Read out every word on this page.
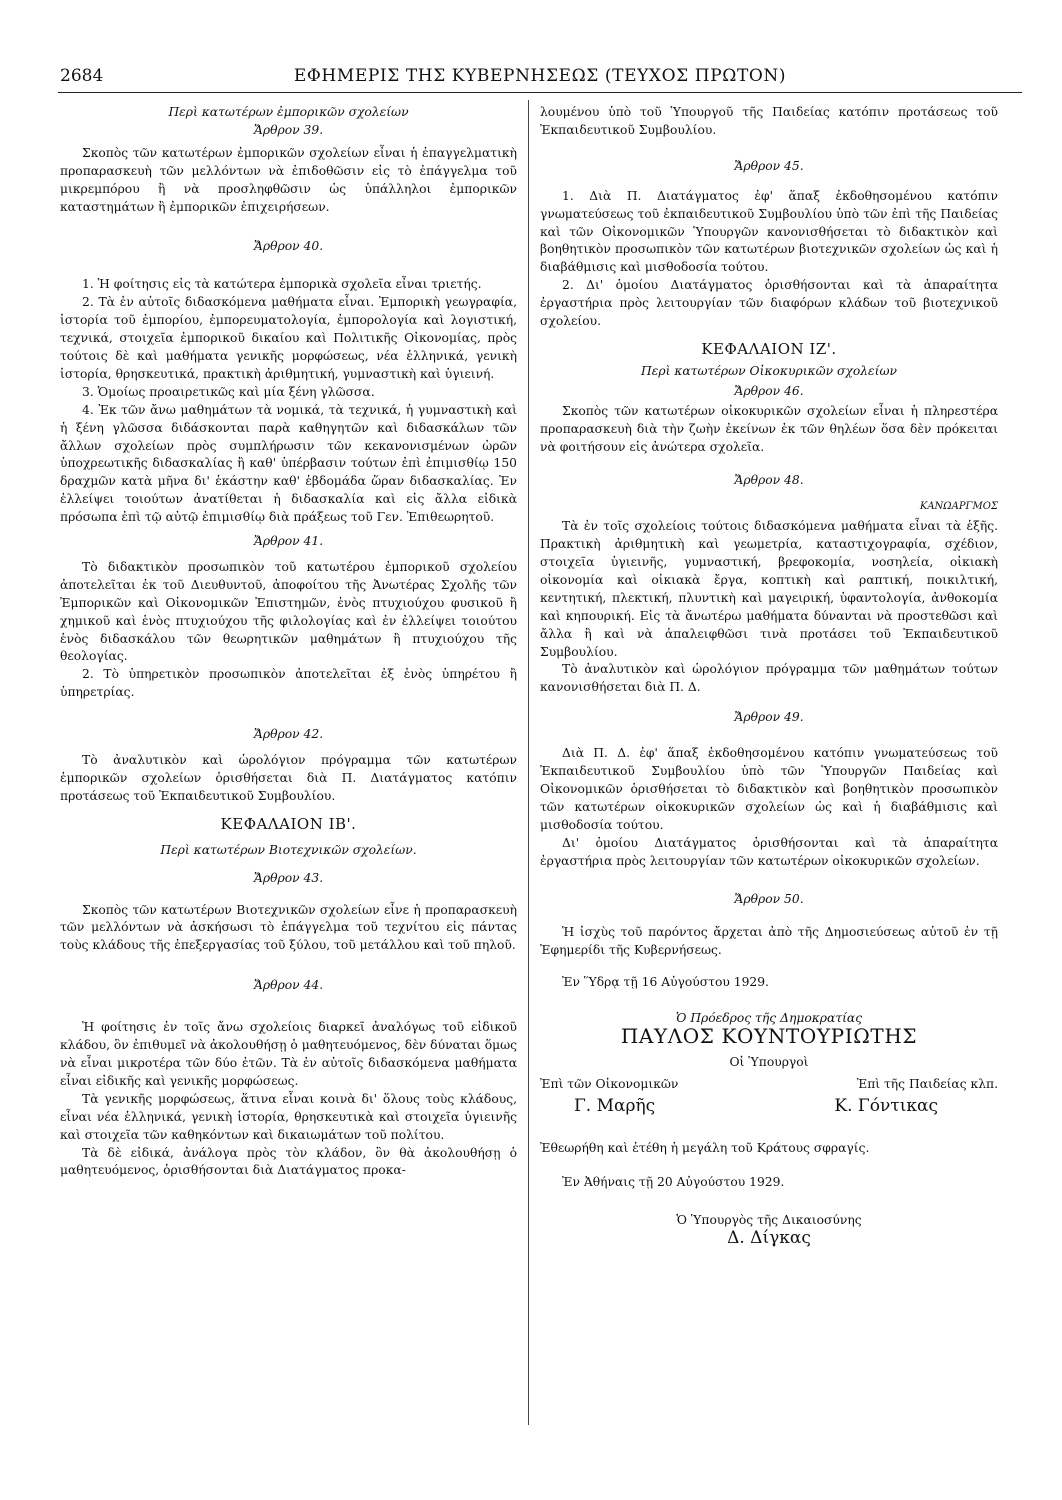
2684	ΕΦΗΜΕΡΙΣ ΤΗΣ ΚΥΒΕΡΝΗΣΕΩΣ (ΤΕΥΧΟΣ ΠΡΩΤΟΝ)

Περὶ κατωτέρων ἐμπορικῶν σχολείων

Ἄρθρον 39.

Σκοπὸς τῶν κατωτέρων ἐμπορικῶν σχολείων εἶναι ἡ ἐπαγγελματικὴ προπαρασκευὴ τῶν μελλόντων νὰ ἐπιδοθῶσιν εἰς τὸ ἐπάγγελμα τοῦ μικρεμπόρου ἢ νὰ προσληφθῶσιν ὡς ὑπάλληλοι ἐμπορικῶν καταστημάτων ἢ ἐμπορικῶν ἐπιχειρήσεων.

Ἄρθρον 40.

1. Ἡ φοίτησις εἰς τὰ κατώτερα ἐμπορικὰ σχολεῖα εἶναι τριετής.

2. Τὰ ἐν αὐτοῖς διδασκόμενα μαθήματα εἶναι. Ἐμπορικὴ γεωγραφία, ἱστορία τοῦ ἐμπορίου, ἐμπορευματολογία, ἐμπορολογία καὶ λογιστική, τεχνικά, στοιχεῖα ἐμπορικοῦ δικαίου καὶ Πολιτικῆς Οἰκονομίας, πρὸς τούτοις δὲ καὶ μαθήματα γενικῆς μορφώσεως, νέα ἑλληνικά, γενικὴ ἱστορία, θρησκευτικά, πρακτικὴ ἀριθμητική, γυμναστικὴ καὶ ὑγιεινή.

3. Ὁμοίως προαιρετικῶς καὶ μία ξένη γλῶσσα.

4. Ἐκ τῶν ἄνω μαθημάτων τὰ νομικά, τὰ τεχνικά, ἡ γυμναστικὴ καὶ ἡ ξένη γλῶσσα διδάσκονται παρὰ καθηγητῶν καὶ διδασκάλων τῶν ἄλλων σχολείων πρὸς συμπλήρωσιν τῶν κεκανονισμένων ὡρῶν ὑποχρεωτικῆς διδασκαλίας ἢ καθ' ὑπέρβασιν τούτων ἐπὶ ἐπιμισθίῳ 150 δραχμῶν κατὰ μῆνα δι' ἑκάστην καθ' ἑβδομάδα ὥραν διδασκαλίας. Ἐν ἐλλείψει τοιούτων ἀνατίθεται ἡ διδασκαλία καὶ εἰς ἄλλα εἰδικὰ πρόσωπα ἐπὶ τῷ αὐτῷ ἐπιμισθίῳ διὰ πράξεως τοῦ Γεν. Ἐπιθεωρητοῦ.

Ἄρθρον 41.

Τὸ διδακτικὸν προσωπικὸν τοῦ κατωτέρου ἐμπορικοῦ σχολείου ἀποτελεῖται ἐκ τοῦ Διευθυντοῦ, ἀποφοίτου τῆς Ἀνωτέρας Σχολῆς τῶν Ἐμπορικῶν καὶ Οἰκονομικῶν Ἐπιστημῶν, ἑνὸς πτυχιούχου φυσικοῦ ἢ χημικοῦ καὶ ἑνὸς πτυχιούχου τῆς φιλολογίας καὶ ἐν ἐλλείψει τοιούτου ἑνὸς διδασκάλου τῶν θεωρητικῶν μαθημάτων ἢ πτυχιούχου τῆς θεολογίας.

2. Τὸ ὑπηρετικὸν προσωπικὸν ἀποτελεῖται ἐξ ἑνὸς ὑπηρέτου ἢ ὑπηρετρίας.

Ἄρθρον 42.

Τὸ ἀναλυτικὸν καὶ ὡρολόγιον πρόγραμμα τῶν κατωτέρων ἐμπορικῶν σχολείων ὁρισθήσεται διὰ Π. Διατάγματος κατόπιν προτάσεως τοῦ Ἐκπαιδευτικοῦ Συμβουλίου.

ΚΕΦΑΛΑΙΟΝ ΙΒ'.

Περὶ κατωτέρων Βιοτεχνικῶν σχολείων.

Ἄρθρον 43.

Σκοπὸς τῶν κατωτέρων Βιοτεχνικῶν σχολείων εἶνε ἡ προπαρασκευὴ τῶν μελλόντων νὰ ἀσκήσωσι τὸ ἐπάγγελμα τοῦ τεχνίτου εἰς πάντας τοὺς κλάδους τῆς ἐπεξεργασίας τοῦ ξύλου, τοῦ μετάλλου καὶ τοῦ πηλοῦ.

Ἄρθρον 44.

Ἡ φοίτησις ἐν τοῖς ἄνω σχολείοις διαρκεῖ ἀναλόγως τοῦ εἰδικοῦ κλάδου, ὃν ἐπιθυμεῖ νὰ ἀκολουθήσῃ ὁ μαθητευόμενος, δὲν δύναται ὅμως νὰ εἶναι μικροτέρα τῶν δύο ἐτῶν. Τὰ ἐν αὐτοῖς διδασκόμενα μαθήματα εἶναι εἰδικῆς καὶ γενικῆς μορφώσεως.

Τὰ γενικῆς μορφώσεως, ἅτινα εἶναι κοινὰ δι' ὅλους τοὺς κλάδους, εἶναι νέα ἑλληνικά, γενικὴ ἱστορία, θρησκευτικὰ καὶ στοιχεῖα ὑγιεινῆς καὶ στοιχεῖα τῶν καθηκόντων καὶ δικαιωμάτων τοῦ πολίτου.

Τὰ δὲ εἰδικά, ἀνάλογα πρὸς τὸν κλάδον, ὃν θὰ ἀκολουθήσῃ ὁ μαθητευόμενος, ὁρισθήσονται διὰ Διατάγματος προκα-

λουμένου ὑπὸ τοῦ Ὑπουργοῦ τῆς Παιδείας κατόπιν προτάσεως τοῦ Ἐκπαιδευτικοῦ Συμβουλίου.

Ἄρθρον 45.

1. Διὰ Π. Διατάγματος ἐφ' ἅπαξ ἐκδοθησομένου κατόπιν γνωματεύσεως τοῦ ἐκπαιδευτικοῦ Συμβουλίου ὑπὸ τῶν ἐπὶ τῆς Παιδείας καὶ τῶν Οἰκονομικῶν Ὑπουργῶν κανονισθήσεται τὸ διδακτικὸν καὶ βοηθητικὸν προσωπικὸν τῶν κατωτέρων βιοτεχνικῶν σχολείων ὡς καὶ ἡ διαβάθμισις καὶ μισθοδοσία τούτου.

2. Δι' ὁμοίου Διατάγματος ὁρισθήσονται καὶ τὰ ἀπαραίτητα ἐργαστήρια πρὸς λειτουργίαν τῶν διαφόρων κλάδων τοῦ βιοτεχνικοῦ σχολείου.

ΚΕΦΑΛΑΙΟΝ ΙΖ'.

Περὶ κατωτέρων Οἰκοκυρικῶν σχολείων

Ἄρθρον 46.

Σκοπὸς τῶν κατωτέρων οἰκοκυρικῶν σχολείων εἶναι ἡ πληρεστέρα προπαρασκευὴ διὰ τὴν ζωὴν ἐκείνων ἐκ τῶν θηλέων ὅσα δὲν πρόκειται νὰ φοιτήσουν εἰς ἀνώτερα σχολεῖα.

Ἄρθρον 48.

ΚΑΝΩΑΡΓΜΟΣ

Τὰ ἐν τοῖς σχολείοις τούτοις διδασκόμενα μαθήματα εἶναι τὰ ἑξῆς. Πρακτικὴ ἀριθμητικὴ καὶ γεωμετρία, καταστιχογραφία, σχέδιον, στοιχεῖα ὑγιεινῆς, γυμναστική, βρεφοκομία, νοσηλεία, οἰκιακὴ οἰκονομία καὶ οἰκιακὰ ἔργα, κοπτικὴ καὶ ραπτική, ποικιλτική, κεντητική, πλεκτική, πλυντικὴ καὶ μαγειρική, ὑφαντολογία, ἀνθοκομία καὶ κηπουρική. Εἰς τὰ ἄνωτέρω μαθήματα δύνανται νὰ προστεθῶσι καὶ ἄλλα ἢ καὶ νὰ ἀπαλειφθῶσι τινὰ προτάσει τοῦ Ἐκπαιδευτικοῦ Συμβουλίου.

Τὸ ἀναλυτικὸν καὶ ὡρολόγιον πρόγραμμα τῶν μαθημάτων τούτων κανονισθήσεται διὰ Π. Δ.

Ἄρθρον 49.

Διὰ Π. Δ. ἐφ' ἅπαξ ἐκδοθησομένου κατόπιν γνωματεύσεως τοῦ Ἐκπαιδευτικοῦ Συμβουλίου ὑπὸ τῶν Ὑπουργῶν Παιδείας καὶ Οἰκονομικῶν ὁρισθήσεται τὸ διδακτικὸν καὶ βοηθητικὸν προσωπικὸν τῶν κατωτέρων οἰκοκυρικῶν σχολείων ὡς καὶ ἡ διαβάθμισις καὶ μισθοδοσία τούτου.

Δι' ὁμοίου Διατάγματος ὁρισθήσονται καὶ τὰ ἀπαραίτητα ἐργαστήρια πρὸς λειτουργίαν τῶν κατωτέρων οἰκοκυρικῶν σχολείων.

Ἄρθρον 50.

Ἡ ἰσχὺς τοῦ παρόντος ἄρχεται ἀπὸ τῆς Δημοσιεύσεως αὐτοῦ ἐν τῇ Ἐφημερίδι τῆς Κυβερνήσεως.

Ἐν Ὕδρᾳ τῇ 16 Αὐγούστου 1929.

Ὁ Πρόεδρος τῆς Δημοκρατίας

ΠΑΥΛΟΣ ΚΟΥΝΤΟΥΡΙΩΤΗΣ

Οἱ Ὑπουργοὶ

Ἐπὶ τῶν Οἰκονομικῶν	Ἐπὶ τῆς Παιδείας κλπ.
Γ. Μαρῆς	Κ. Γόντικας

Ἐθεωρήθη καὶ ἐτέθη ἡ μεγάλη τοῦ Κράτους σφραγίς.

Ἐν Ἀθήναις τῇ 20 Αὐγούστου 1929.

Ὁ Ὑπουργὸς τῆς Δικαιοσύνης

Δ. Δίγκας
